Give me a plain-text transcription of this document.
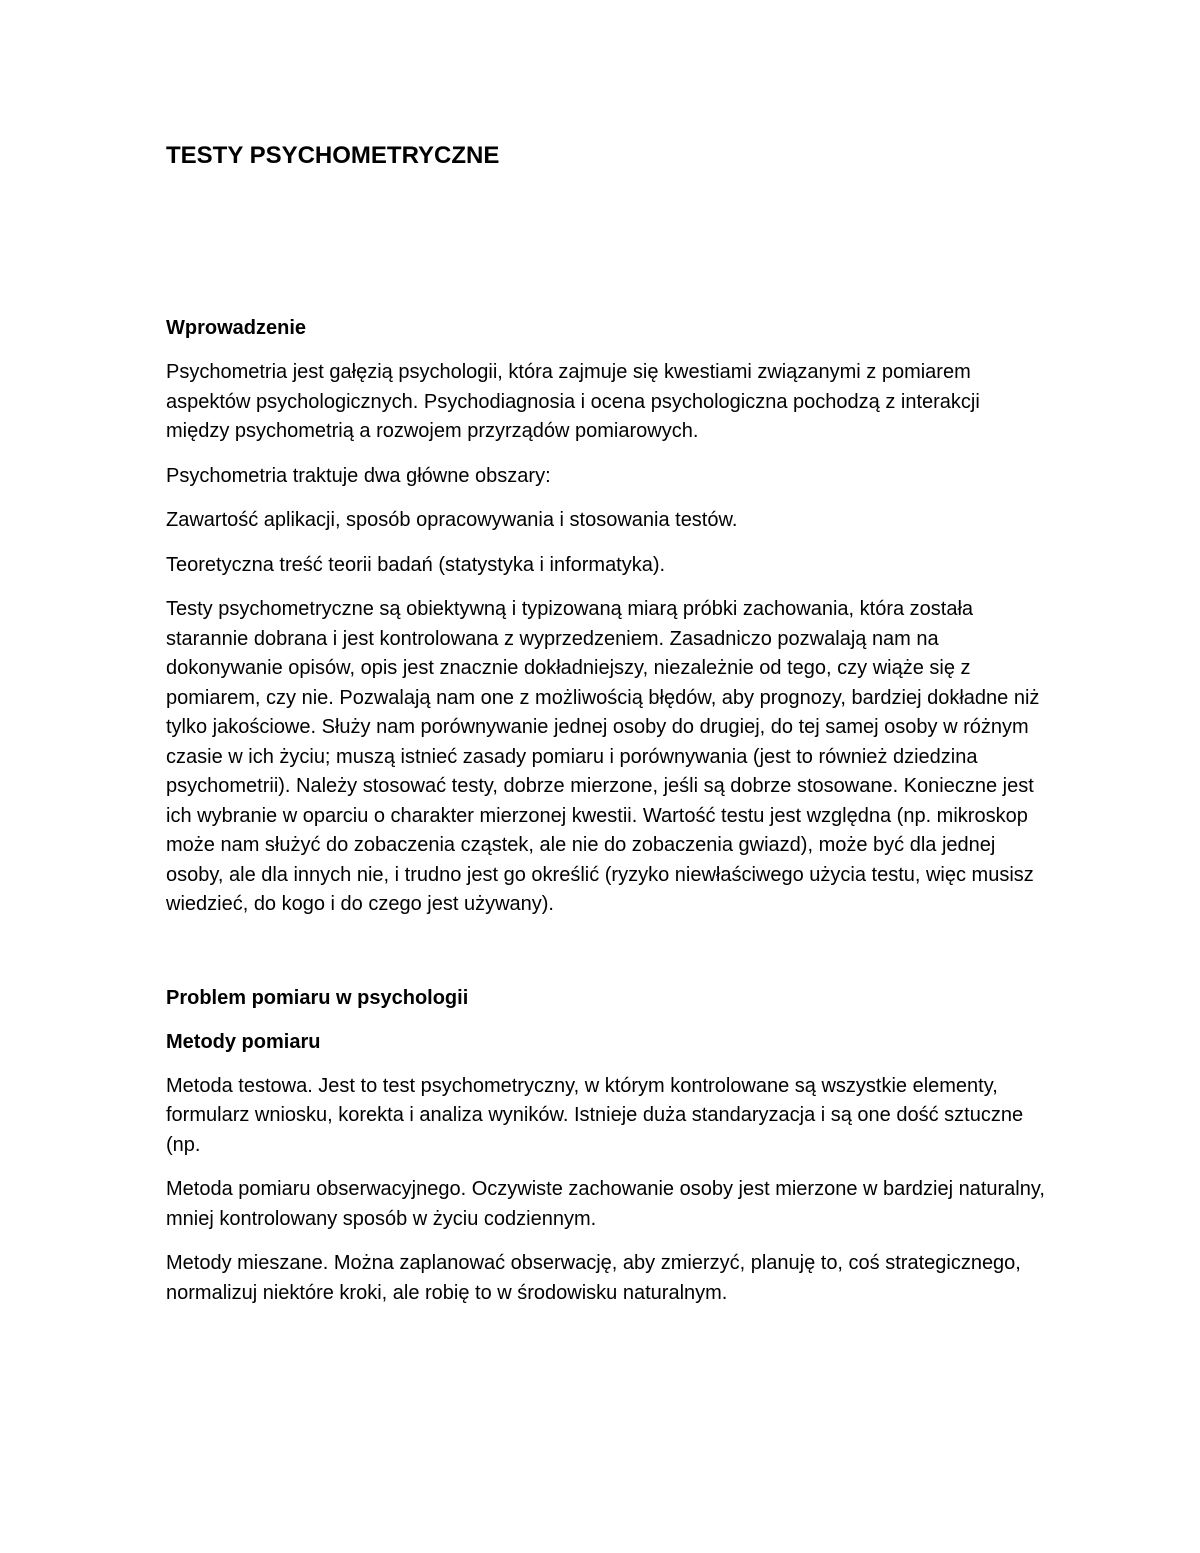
TESTY PSYCHOMETRYCZNE
Wprowadzenie

Psychometria jest gałęzią psychologii, która zajmuje się kwestiami związanymi z pomiarem aspektów psychologicznych. Psychodiagnosia i ocena psychologiczna pochodzą z interakcji między psychometrią a rozwojem przyrządów pomiarowych.

Psychometria traktuje dwa główne obszary:

Zawartość aplikacji, sposób opracowywania i stosowania testów.

Teoretyczna treść teorii badań (statystyka i informatyka).

Testy psychometryczne są obiektywną i typizowaną miarą próbki zachowania, która została starannie dobrana i jest kontrolowana z wyprzedzeniem. Zasadniczo pozwalają nam na dokonywanie opisów, opis jest znacznie dokładniejszy, niezależnie od tego, czy wiąże się z pomiarem, czy nie. Pozwalają nam one z możliwością błędów, aby prognozy, bardziej dokładne niż tylko jakościowe. Służy nam porównywanie jednej osoby do drugiej, do tej samej osoby w różnym czasie w ich życiu; muszą istnieć zasady pomiaru i porównywania (jest to również dziedzina psychometrii). Należy stosować testy, dobrze mierzone, jeśli są dobrze stosowane. Konieczne jest ich wybranie w oparciu o charakter mierzonej kwestii. Wartość testu jest względna (np. mikroskop może nam służyć do zobaczenia cząstek, ale nie do zobaczenia gwiazd), może być dla jednej osoby, ale dla innych nie, i trudno jest go określić (ryzyko niewłaściwego użycia testu, więc musisz wiedzieć, do kogo i do czego jest używany).

Problem pomiaru w psychologii
Metody pomiaru

Metoda testowa. Jest to test psychometryczny, w którym kontrolowane są wszystkie elementy, formularz wniosku, korekta i analiza wyników. Istnieje duża standaryzacja i są one dość sztuczne (np.

Metoda pomiaru obserwacyjnego. Oczywiste zachowanie osoby jest mierzone w bardziej naturalny, mniej kontrolowany sposób w życiu codziennym.

Metody mieszane. Można zaplanować obserwację, aby zmierzyć, planuję to, coś strategicznego, normalizuj niektóre kroki, ale robię to w środowisku naturalnym.
